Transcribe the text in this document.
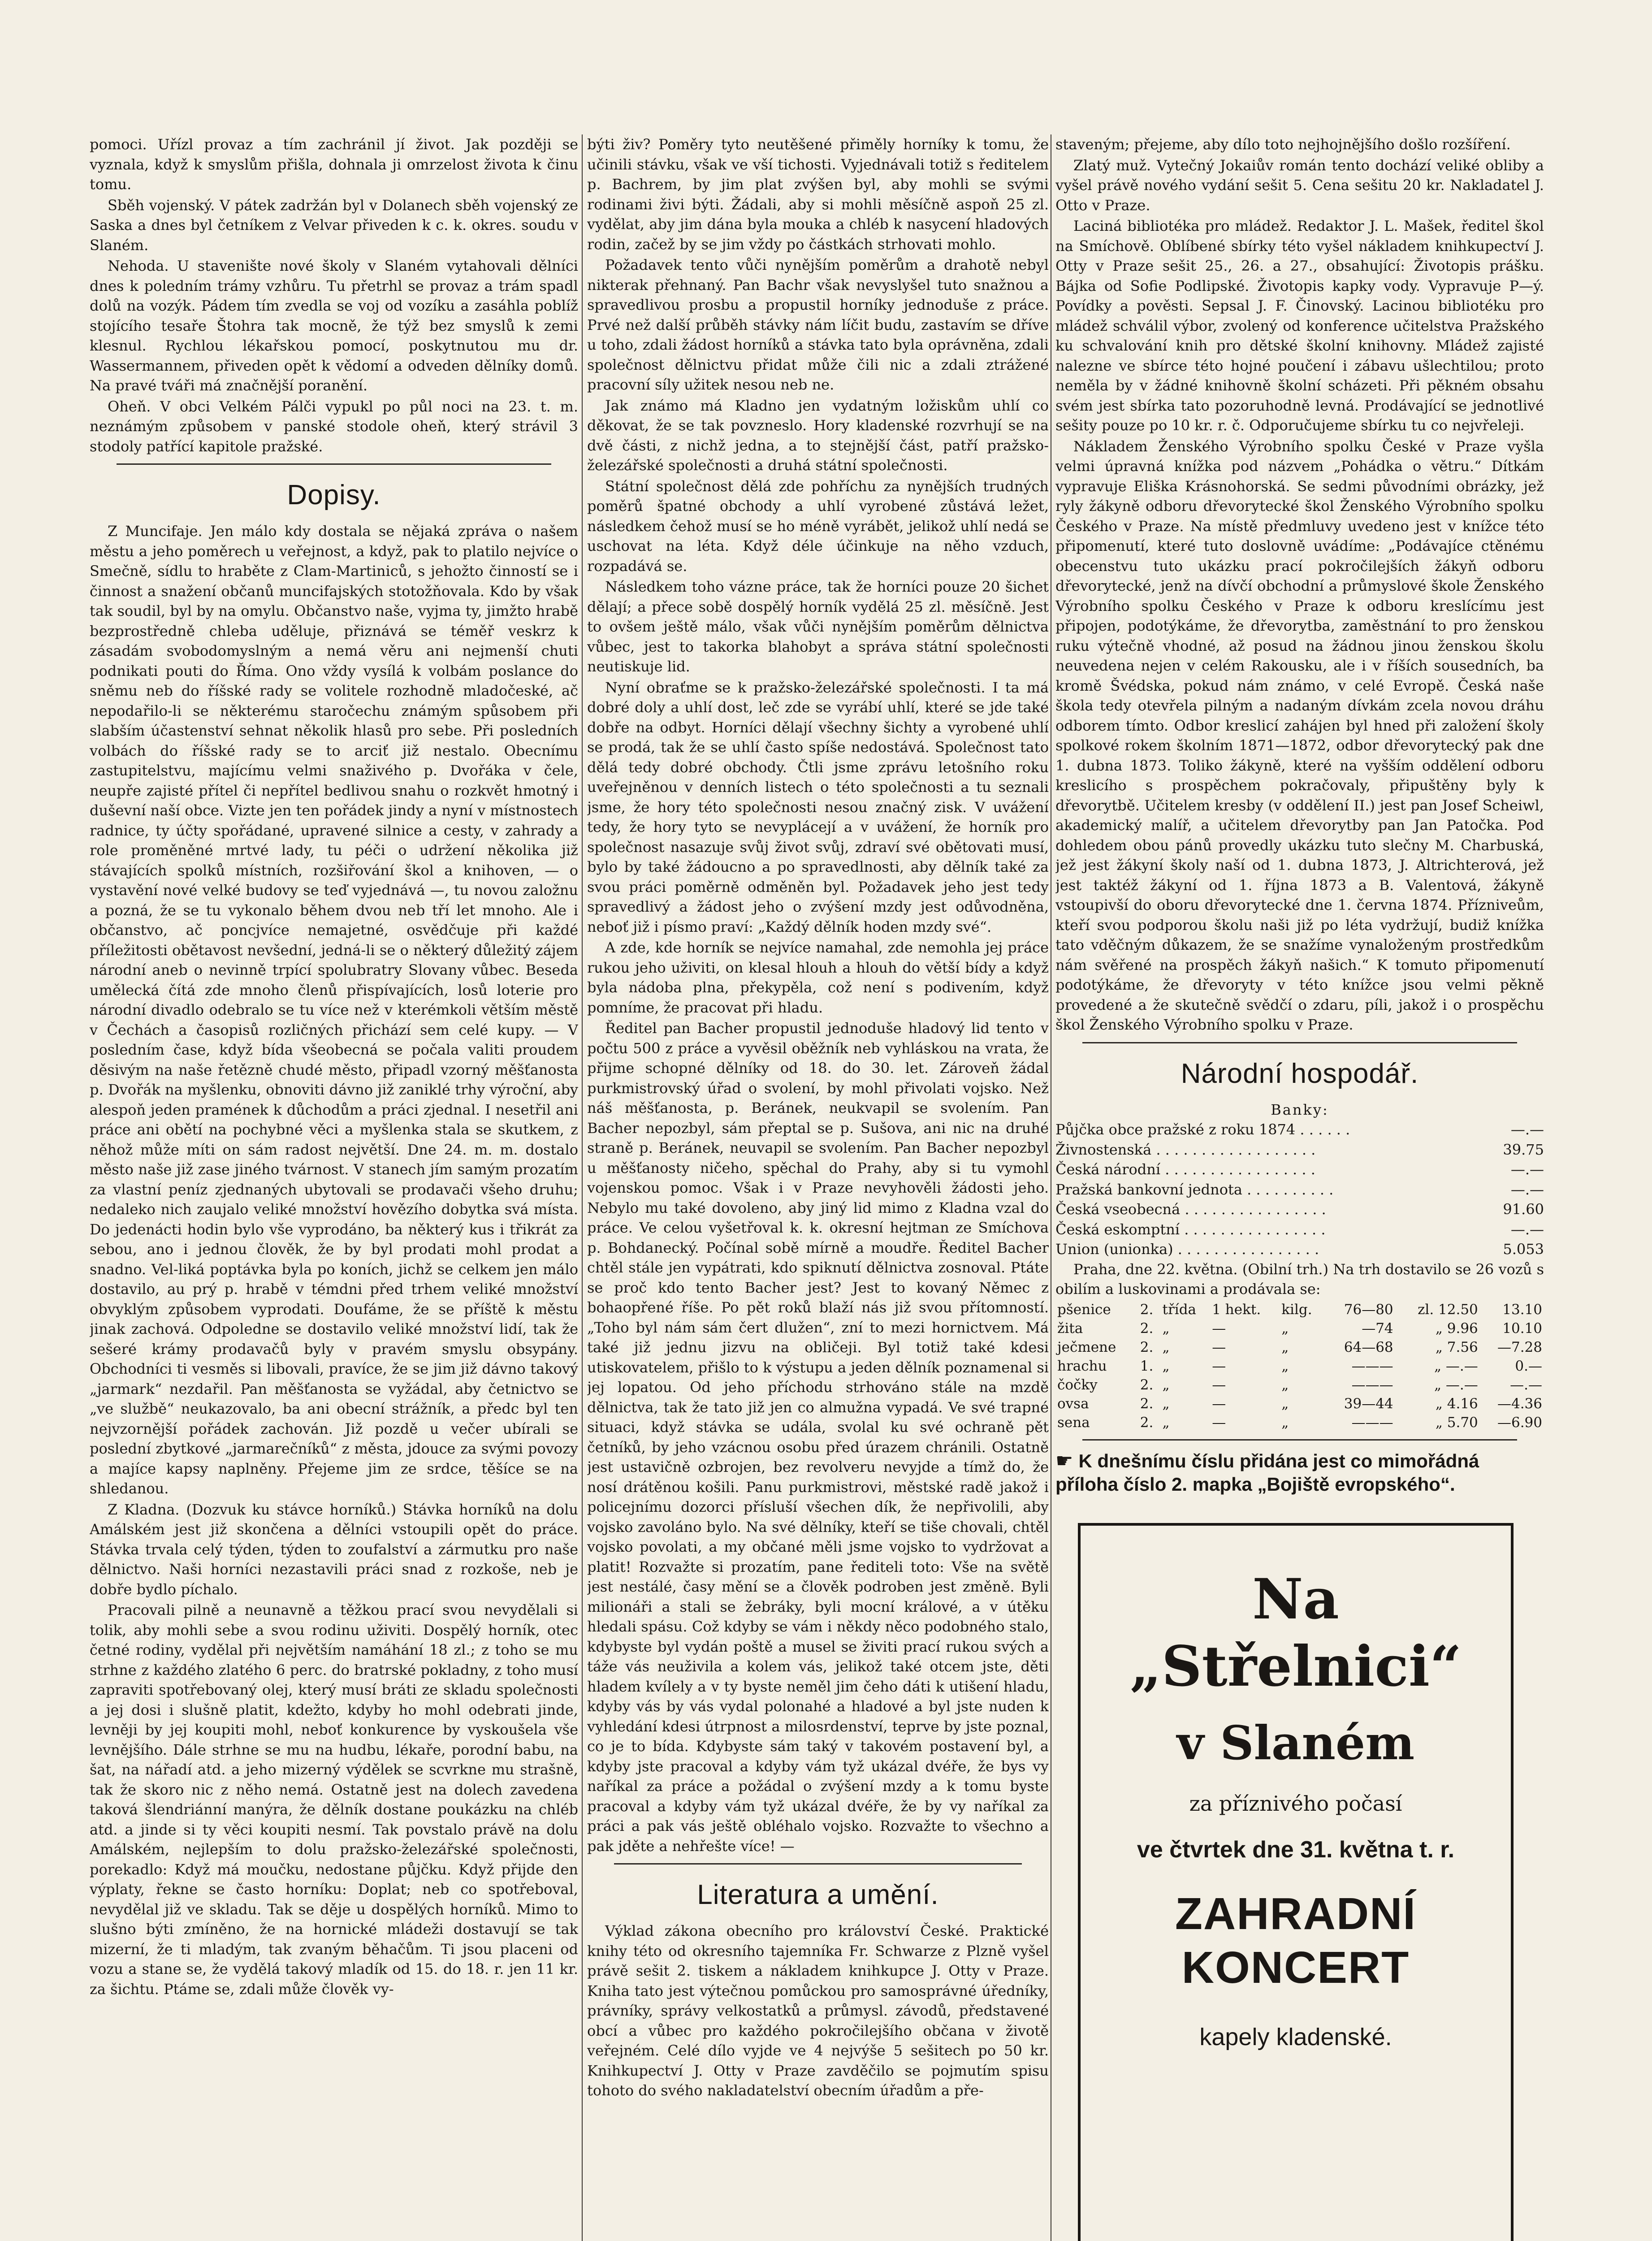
pomoci. Uřízl provaz a tím zachránil jí život. Jak později se vyznala, když k smyslům přišla, dohnala ji omrzelost života k činu tomu.

Sběh vojenský. V pátek zadržán byl v Dolanech sběh vojenský ze Saska a dnes byl četníkem z Velvar přiveden k c. k. okres. soudu v Slaném.

Nehoda. U stavenište nové školy v Slaném vytahovali dělníci dnes k poledním trámy vzhůru. Tu přetrhl se provaz a trám spadl dolů na vozýk. Pádem tím zvedla se voj od vozíku a zasáhla poblíž stojícího tesaře Štohra tak mocně, že týž bez smyslů k zemi klesnul. Rychlou lékařskou pomocí, poskytnutou mu dr. Wassermannem, přiveden opět k vědomí a odveden dělníky domů. Na pravé tváři má značnější poranění.

Oheň. V obci Velkém Pálči vypukl po půl noci na 23. t. m. neznámým způsobem v panské stodole oheň, který strávil 3 stodoly patřící kapitole pražské.

Dopisy.

Z Muncifaje. Jen málo kdy dostala se nějaká zpráva o našem městu a jeho poměrech u veřejnost, a když, pak to platilo nejvíce o Smečně, sídlu to hraběte z Clam-Martiniců, s jehožto činností se i činnost a snažení občanů muncifajských stotožňovala. Kdo by však tak soudil, byl by na omylu. Občanstvo naše, vyjma ty, jimžto hrabě bezprostředně chleba uděluje, přiznává se téměř veskrz k zásadám svobodomyslným a nemá věru ani nejmenší chuti podnikati pouti do Říma. Ono vždy vysílá k volbám poslance do sněmu neb do říšské rady se volitele rozhodně mladočeské, ač nepodařilo-li se některému staročechu známým spůsobem při slabším účastenství sehnat několik hlasů pro sebe. Při posledních volbách do říšské rady se to arciť již nestalo. Obecnímu zastupitelstvu, majícímu velmi snaživého p. Dvořáka v čele, neupře zajisté přítel či nepřítel bedlivou snahu o rozkvět hmotný i duševní naší obce. Vizte jen ten pořádek jindy a nyní v místnostech radnice, ty účty spořádané, upravené silnice a cesty, v zahrady a role proměněné mrtvé lady, tu péči o udržení několika již stávajících spolků místních, rozšiřování škol a knihoven, — o vystavění nové velké budovy se teď vyjednává —, tu novou založnu a pozná, že se tu vykonalo během dvou neb tří let mnoho. Ale i občanstvo, ač poncjvíce nemajetné, osvědčuje při každé příležitosti obětavost nevšední, jedná-li se o některý důležitý zájem národní aneb o nevinně trpící spolubratry Slovany vůbec. Beseda umělecká čítá zde mnoho členů přispívajících, losů loterie pro národní divadlo odebralo se tu více než v kterémkoli větším městě v Čechách a časopisů rozličných přichází sem celé kupy. — V posledním čase, když bída všeobecná se počala valiti proudem děsivým na naše řetězně chudé město, připadl vzorný měšťanosta p. Dvořák na myšlenku, obnoviti dávno již zaniklé trhy výroční, aby alespoň jeden pramének k důchodům a práci zjednal. I nesetřil ani práce ani obětí na pochybné věci a myšlenka stala se skutkem, z něhož může míti on sám radost největší. Dne 24. m. m. dostalo město naše již zase jiného tvárnost. V stanech jím samým prozatím za vlastní peníz zjednaných ubytovali se prodavači všeho druhu; nedaleko nich zaujalo veliké množství hovězího dobytka svá místa. Do jedenácti hodin bylo vše vyprodáno, ba některý kus i třikrát za sebou, ano i jednou člověk, že by byl prodati mohl prodat a snadno. Vel-liká poptávka byla po koních, jichž se celkem jen málo dostavilo, au prý p. hrabě v témdni před trhem veliké množství obvyklým způsobem vyprodati. Doufáme, že se příště k městu jinak zachová. Odpoledne se dostavilo veliké množství lidí, tak že sešeré krámy prodavačů byly v pravém smyslu obsypány. Obchodníci ti vesměs si libovali, pravíce, že se jim již dávno takový „jarmark“ nezdařil. Pan měšťanosta se vyžádal, aby četnictvo se „ve službě“ neukazovalo, ba ani obecní strážník, a předc byl ten nejvzornější pořádek zachován. Již pozdě u večer ubírali se poslední zbytkové „jarmarečníků“ z města, jdouce za svými povozy a majíce kapsy naplněny. Přejeme jim ze srdce, těšíce se na shledanou.

Z Kladna. (Dozvuk ku stávce horníků.) Stávka horníků na dolu Amálském jest již skončena a dělníci vstoupili opět do práce. Stávka trvala celý týden, týden to zoufalství a zármutku pro naše dělnictvo. Naši horníci nezastavili práci snad z rozkoše, neb je dobře bydlo píchalo.

Pracovali pilně a neunavně a těžkou prací svou nevydělali si tolik, aby mohli sebe a svou rodinu uživiti. Dospělý horník, otec četné rodiny, vydělal při největším namáhání 18 zl.; z toho se mu strhne z každého zlatého 6 perc. do bratrské pokladny, z toho musí zapraviti spotřebovaný olej, který musí bráti ze skladu společnosti a jej dosi i slušně platit, kdežto, kdyby ho mohl odebrati jinde, levněji by jej koupiti mohl, neboť konkurence by vyskoušela vše levnějšího. Dále strhne se mu na hudbu, lékaře, porodní babu, na šat, na nářadí atd. a jeho mizerný výdělek se scvrkne mu strašně, tak že skoro nic z něho nemá. Ostatně jest na dolech zavedena taková šlendriánní manýra, že dělník dostane poukázku na chléb atd. a jinde si ty věci koupiti nesmí. Tak povstalo právě na dolu Amálském, nejlepším to dolu pražsko-železářské společnosti, porekadlo: Když má moučku, nedostane půjčku. Když přijde den výplaty, řekne se často horníku: Doplat; neb co spotřeboval, nevydělal již ve skladu. Tak se děje u dospělých horníků. Mimo to slušno býti zmíněno, že na hornické mládeži dostavují se tak mizerní, že ti mladým, tak zvaným běhačům. Ti jsou placeni od vozu a stane se, že vydělá takový mladík od 15. do 18. r. jen 11 kr. za šichtu. Ptáme se, zdali může člověk vy-

býti živ? Poměry tyto neutěšené přiměly horníky k tomu, že učinili stávku, však ve vší tichosti. Vyjednávali totiž s ředitelem p. Bachrem, by jim plat zvýšen byl, aby mohli se svými rodinami živi býti. Žádali, aby si mohli měsíčně aspoň 25 zl. vydělat, aby jim dána byla mouka a chléb k nasycení hladových rodin, začež by se jim vždy po částkách strhovati mohlo.

Požadavek tento vůči nynějším poměrům a drahotě nebyl nikterak přehnaný. Pan Bachr však nevyslyšel tuto snažnou a spravedlivou prosbu a propustil horníky jednoduše z práce. Prvé než další průběh stávky nám líčit budu, zastavím se dříve u toho, zdali žádost horníků a stávka tato byla oprávněna, zdali společnost dělnictvu přidat může čili nic a zdali ztrážené pracovní síly užitek nesou neb ne.

Jak známo má Kladno jen vydatným ložiskům uhlí co děkovat, že se tak povzneslo. Hory kladenské rozvrhují se na dvě části, z nichž jedna, a to stejnější část, patří pražsko-železářské společnosti a druhá státní společnosti.

Státní společnost dělá zde pohříchu za nynějších trudných poměrů špatné obchody a uhlí vyrobené zůstává ležet, následkem čehož musí se ho méně vyrábět, jelikož uhlí nedá se uschovat na léta. Když déle účinkuje na něho vzduch, rozpadává se.

Následkem toho vázne práce, tak že horníci pouze 20 šichet dělají; a přece sobě dospělý horník vydělá 25 zl. měsíčně. Jest to ovšem ještě málo, však vůči nynějším poměrům dělnictva vůbec, jest to takorka blahobyt a správa státní společnosti neutiskuje lid.

Nyní obraťme se k pražsko-železářské společnosti. I ta má dobré doly a uhlí dost, leč zde se vyrábí uhlí, které se jde také dobře na odbyt. Horníci dělají všechny šichty a vyrobené uhlí se prodá, tak že se uhlí často spíše nedostává. Společnost tato dělá tedy dobré obchody. Čtli jsme zprávu letošního roku uveřejněnou v denních listech o této společnosti a tu seznali jsme, že hory této společnosti nesou značný zisk. V uvážení tedy, že hory tyto se nevyplácejí a v uvážení, že horník pro společnost nasazuje svůj život svůj, zdraví své obětovati musí, bylo by také žádoucno a po spravedlnosti, aby dělník také za svou práci poměrně odměněn byl. Požadavek jeho jest tedy spravedlivý a žádost jeho o zvýšení mzdy jest odůvodněna, neboť již i písmo praví: „Každý dělník hoden mzdy své“.

A zde, kde horník se nejvíce namahal, zde nemohla jej práce rukou jeho uživiti, on klesal hlouh a hlouh do větší bídy a když byla nádoba plna, překypěla, což není s podivením, když pomníme, že pracovat při hladu.

Ředitel pan Bacher propustil jednoduše hladový lid tento v počtu 500 z práce a vyvěsil oběžník neb vyhláskou na vrata, že přijme schopné dělníky od 18. do 30. let. Zároveň žádal purkmistrovský úřad o svolení, by mohl přivolati vojsko. Než náš měšťanosta, p. Beránek, neukvapil se svolením. Pan Bacher nepozbyl, sám přeptal se p. Sušova, ani nic na druhé straně p. Beránek, neuvapil se svolením. Pan Bacher nepozbyl u měšťanosty ničeho, spěchal do Prahy, aby si tu vymohl vojenskou pomoc. Však i v Praze nevyhověli žádosti jeho. Nebylo mu také dovoleno, aby jiný lid mimo z Kladna vzal do práce. Ve celou vyšetřoval k. k. okresní hejtman ze Smíchova p. Bohdanecký. Počínal sobě mírně a moudře. Ředitel Bacher chtěl stále jen vypátrati, kdo spiknutí dělnictva zosnoval. Ptáte se proč kdo tento Bacher jest? Jest to kovaný Němec z bohaopřené říše. Po pět roků blaží nás již svou přítomností. „Toho byl nám sám čert dlužen“, zní to mezi hornictvem. Má také již jednu jizvu na obličeji. Byl totiž také kdesi utiskovatelem, přišlo to k výstupu a jeden dělník poznamenal si jej lopatou. Od jeho příchodu strhováno stále na mzdě dělnictva, tak že tato již jen co almužna vypadá. Ve své trapné situaci, když stávka se udála, svolal ku své ochraně pět četníků, by jeho vzácnou osobu před úrazem chránili. Ostatně jest ustavičně ozbrojen, bez revolveru nevyjde a tímž do, že nosí drátěnou košili. Panu purkmistrovi, městské radě jakož i policejnímu dozorci přísluší všechen dík, že nepřivolili, aby vojsko zavoláno bylo. Na své dělníky, kteří se tiše chovali, chtěl vojsko povolati, a my občané měli jsme vojsko to vydržovat a platit! Rozvažte si prozatím, pane řediteli toto: Vše na světě jest nestálé, časy mění se a člověk podroben jest změně. Byli milionáři a stali se žebráky, byli mocní králové, a v útěku hledali spásu. Což kdyby se vám i někdy něco podobného stalo, kdybyste byl vydán poště a musel se živiti prací rukou svých a táže vás neuživila a kolem vás, jelikož také otcem jste, děti hladem kvílely a v ty byste neměl jim čeho dáti k utišení hladu, kdyby vás by vás vydal polonahé a hladové a byl jste nuden k vyhledání kdesi útrpnost a milosrdenství, teprve by jste poznal, co je to bída. Kdybyste sám taký v takovém postavení byl, a kdyby jste pracoval a kdyby vám tyž ukázal dvéře, že bys vy naříkal za práce a požádal o zvýšení mzdy a k tomu byste pracoval a kdyby vám tyž ukázal dvéře, že by vy naříkal za práci a pak vás ještě obléhalo vojsko. Rozvažte to všechno a pak jděte a nehřešte více! —

Literatura a umění.

Výklad zákona obecního pro království České. Praktické knihy této od okresního tajemníka Fr. Schwarze z Plzně vyšel právě sešit 2. tiskem a nákladem knihkupce J. Otty v Praze. Kniha tato jest výtečnou pomůckou pro samosprávné úředníky, právníky, správy velkostatků a průmysl. závodů, představené obcí a vůbec pro každého pokročilejšího občana v životě veřejném. Celé dílo vyjde ve 4 nejvýše 5 sešitech po 50 kr. Knihkupectví J. Otty v Praze zavděčilo se pojmutím spisu tohoto do svého nakladatelství obecním úřadům a pře-

staveným; přejeme, aby dílo toto nejhojnějšího došlo rozšíření.

Zlatý muž. Vytečný Jokaiův román tento dochází veliké obliby a vyšel právě nového vydání sešit 5. Cena sešitu 20 kr. Nakladatel J. Otto v Praze.

Laciná bibliotéka pro mládež. Redaktor J. L. Mašek, ředitel škol na Smíchově. Oblíbené sbírky této vyšel nákladem knihkupectví J. Otty v Praze sešit 25., 26. a 27., obsahující: Životopis prášku. Bájka od Sofie Podlipské. Životopis kapky vody. Vypravuje P—ý. Povídky a pověsti. Sepsal J. F. Činovský. Lacinou bibliotéku pro mládež schválil výbor, zvolený od konference učitelstva Pražského ku schvalování knih pro dětské školní knihovny. Mládež zajisté nalezne ve sbírce této hojné poučení i zábavu ušlechtilou; proto neměla by v žádné knihovně školní scházeti. Při pěkném obsahu svém jest sbírka tato pozoruhodně levná. Prodávající se jednotlivé sešity pouze po 10 kr. r. č. Odporučujeme sbírku tu co nejvřeleji.

Nákladem Ženského Výrobního spolku České v Praze vyšla velmi úpravná knížka pod názvem „Pohádka o větru.“ Dítkám vypravuje Eliška Krásnohorská. Se sedmi původními obrázky, jež ryly žákyně odboru dřevorytecké škol Ženského Výrobního spolku Českého v Praze. Na místě předmluvy uvedeno jest v knížce této připomenutí, které tuto doslovně uvádíme: „Podávajíce ctěnému obecenstvu tuto ukázku prací pokročilejších žákyň odboru dřevorytecké, jenž na dívčí obchodní a průmyslové škole Ženského Výrobního spolku Českého v Praze k odboru kreslícímu jest připojen, podotýkáme, že dřevorytba, zaměstnání to pro ženskou ruku výtečně vhodné, až posud na žádnou jinou ženskou školu neuvedena nejen v celém Rakousku, ale i v říších sousedních, ba kromě Švédska, pokud nám známo, v celé Evropě. Česká naše škola tedy otevřela pilným a nadaným dívkám zcela novou dráhu odborem tímto. Odbor kreslicí zahájen byl hned při založení školy spolkové rokem školním 1871—1872, odbor dřevorytecký pak dne 1. dubna 1873. Toliko žákyně, které na vyšším oddělení odboru kreslicího s prospěchem pokračovaly, připuštěny byly k dřevorytbě. Učitelem kresby (v oddělení II.) jest pan Josef Scheiwl, akademický malíř, a učitelem dřevorytby pan Jan Patočka. Pod dohledem obou pánů provedly ukázku tuto slečny M. Charbuská, jež jest žákyní školy naší od 1. dubna 1873, J. Altrichterová, jež jest taktéž žákyní od 1. října 1873 a B. Valentová, žákyně vstoupivší do oboru dřevorytecké dne 1. června 1874. Přízniveům, kteří svou podporou školu naši již po léta vydržují, budiž knížka tato vděčným důkazem, že se snažíme vynaloženým prostředkům nám svěřené na prospěch žákyň našich.“ K tomuto připomenutí podotýkáme, že dřevoryty v této knížce jsou velmi pěkně provedené a že skutečně svědčí o zdaru, píli, jakož i o prospěchu škol Ženského Výrobního spolku v Praze.

Národní hospodář.
Banky:
Půjčka obce pražské z roku 1874 . . . . . .	—.—
Živnostenská . . . . . . . . . . . . . . . . . .	39.75
Česká národní . . . . . . . . . . . . . . . . .	—.—
Pražská bankovní jednota . . . . . . . . . .	—.—
Česká vseobecná . . . . . . . . . . . . . . . .	91.60
Česká eskomptní . . . . . . . . . . . . . . . .	—.—
Union (unionka) . . . . . . . . . . . . . . . .	5.053

Praha, dne 22. května. (Obilní trh.) Na trh dostavilo se 26 vozů s obilím a luskovinami a prodávala se:

pšenice	2.	třída	1 hekt.	kilg.	76—80	zl. 12.50	13.10
žita	2.	„	—	„	—74	„ 9.96	10.10
ječmene	2.	„	—	„	64—68	„ 7.56	—7.28
hrachu	1.	„	—	„	———	„ —.—	0.—
čočky	2.	„	—	„	———	„ —.—	—.—
ovsa	2.	„	—	„	39—44	„ 4.16	—4.36
sena	2.	„	—	„	———	„ 5.70	—6.90
☛ K dnešnímu číslu přidána jest co mimořádná příloha číslo 2. mapka „Bojiště evropského“.
Na „Střelnici“
v Slaném
za příznivého počasí
ve čtvrtek dne 31. května t. r.
ZAHRADNÍ KONCERT
kapely kladenské.
